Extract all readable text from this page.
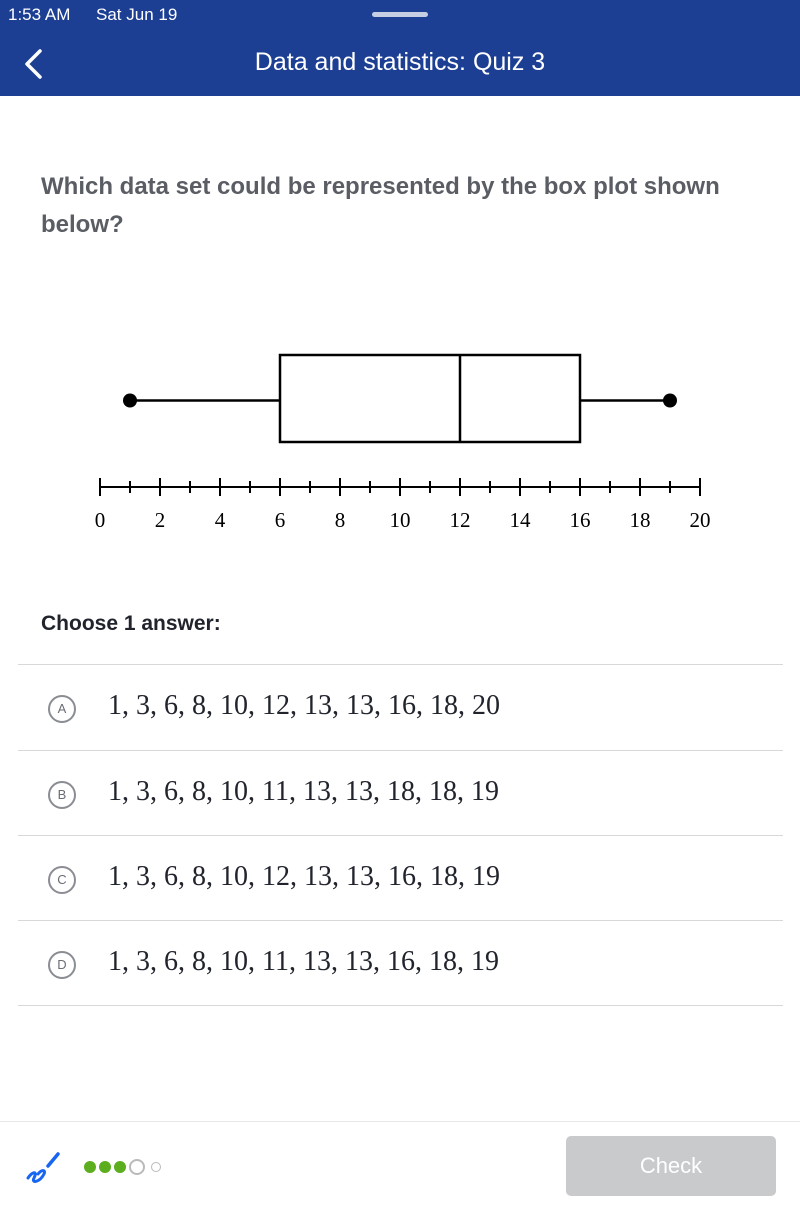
1:53 AM Sat Jun 19
Data and statistics: Quiz 3
Which data set could be represented by the box plot shown below?
0 2 4 6 8 10 12 14 16 18 20
Choose 1 answer:
A	1, 3, 6, 8, 10, 12, 13, 13, 16, 18, 20
B	1, 3, 6, 8, 10, 11, 13, 13, 18, 18, 19
C	1, 3, 6, 8, 10, 12, 13, 13, 16, 18, 19
D	1, 3, 6, 8, 10, 11, 13, 13, 16, 18, 19
Check
